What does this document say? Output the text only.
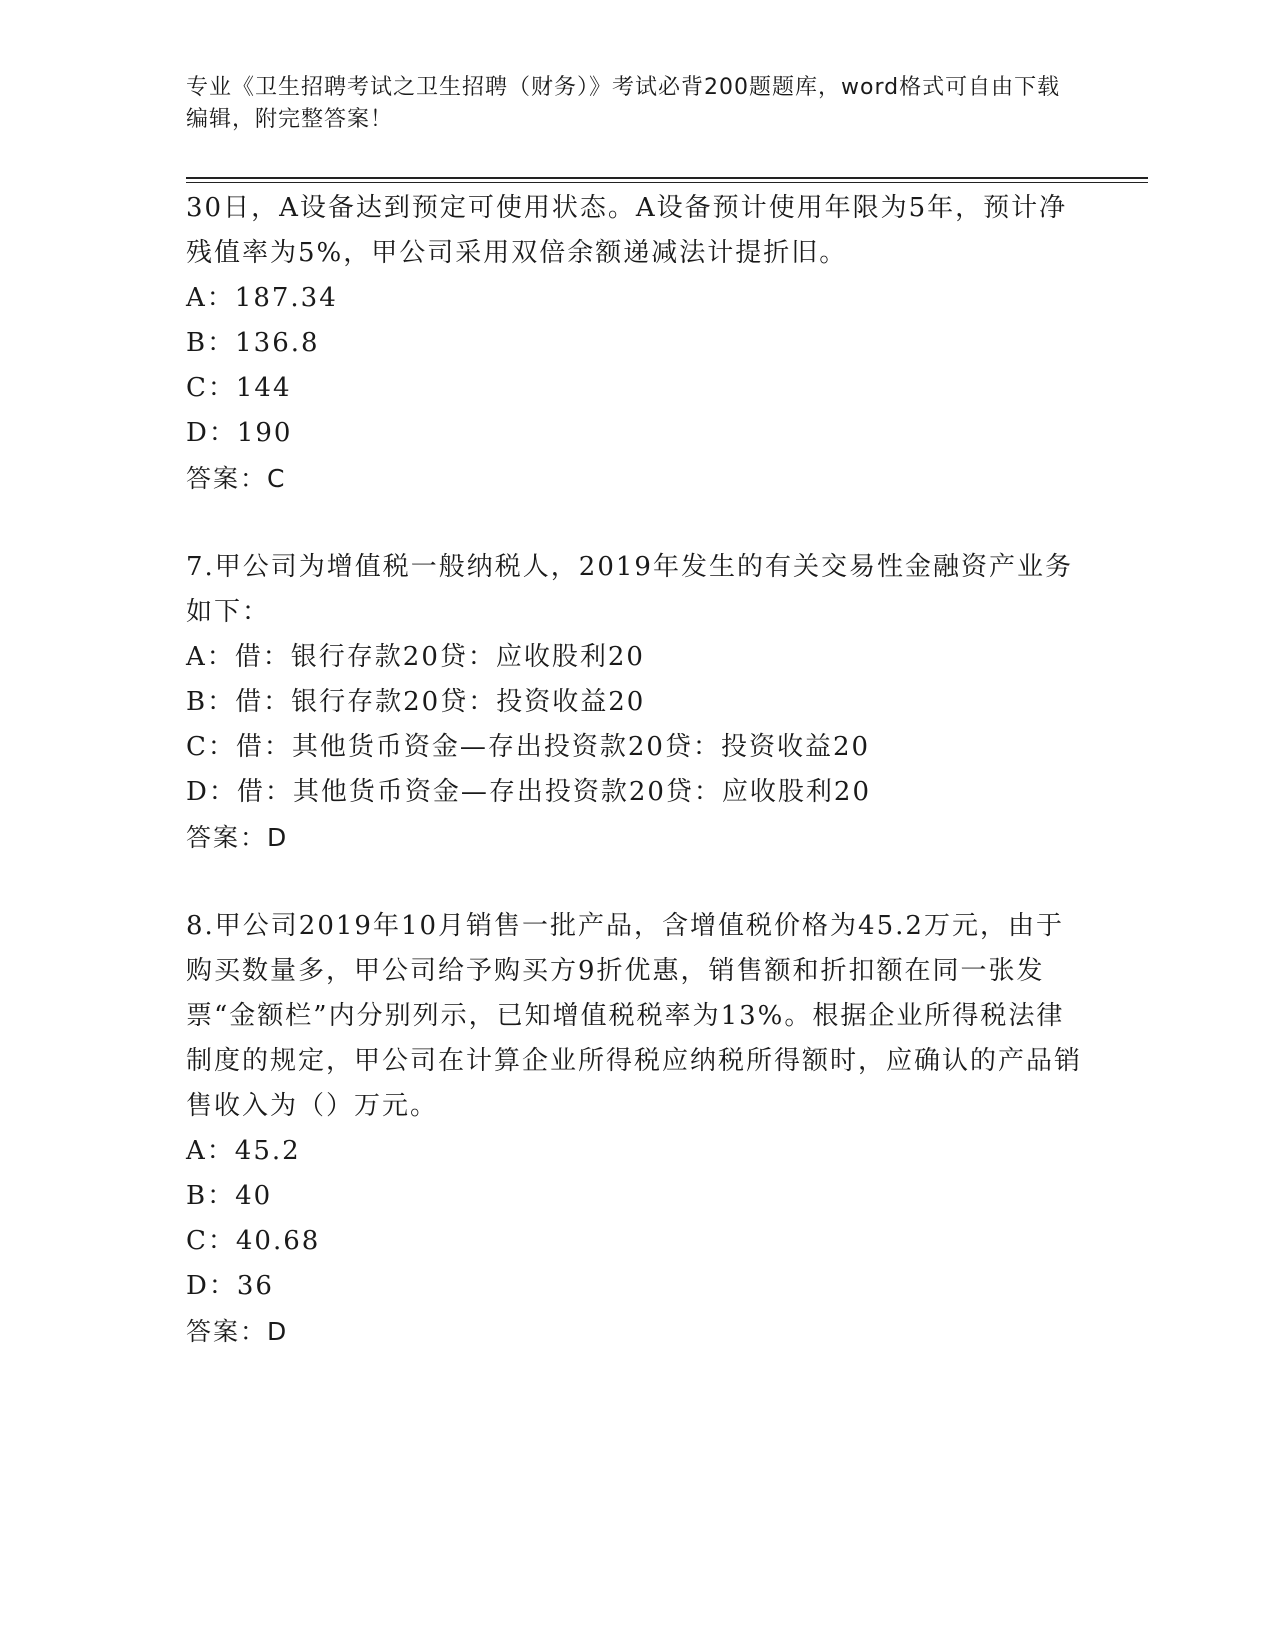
专业《卫生招聘考试之卫生招聘（财务）》考试必背200题题库，word格式可自由下载编辑，附完整答案！
30日，A设备达到预定可使用状态。A设备预计使用年限为5年，预计净残值率为5%，甲公司采用双倍余额递减法计提折旧。
A：187.34
B：136.8
C：144
D：190
答案：C
7.甲公司为增值税一般纳税人，2019年发生的有关交易性金融资产业务如下：
A：借：银行存款20贷：应收股利20
B：借：银行存款20贷：投资收益20
C：借：其他货币资金—存出投资款20贷：投资收益20
D：借：其他货币资金—存出投资款20贷：应收股利20
答案：D
8.甲公司2019年10月销售一批产品，含增值税价格为45.2万元，由于购买数量多，甲公司给予购买方9折优惠，销售额和折扣额在同一张发票“金额栏”内分别列示，已知增值税税率为13%。根据企业所得税法律制度的规定，甲公司在计算企业所得税应纳税所得额时，应确认的产品销售收入为（）万元。
A：45.2
B：40
C：40.68
D：36
答案：D
